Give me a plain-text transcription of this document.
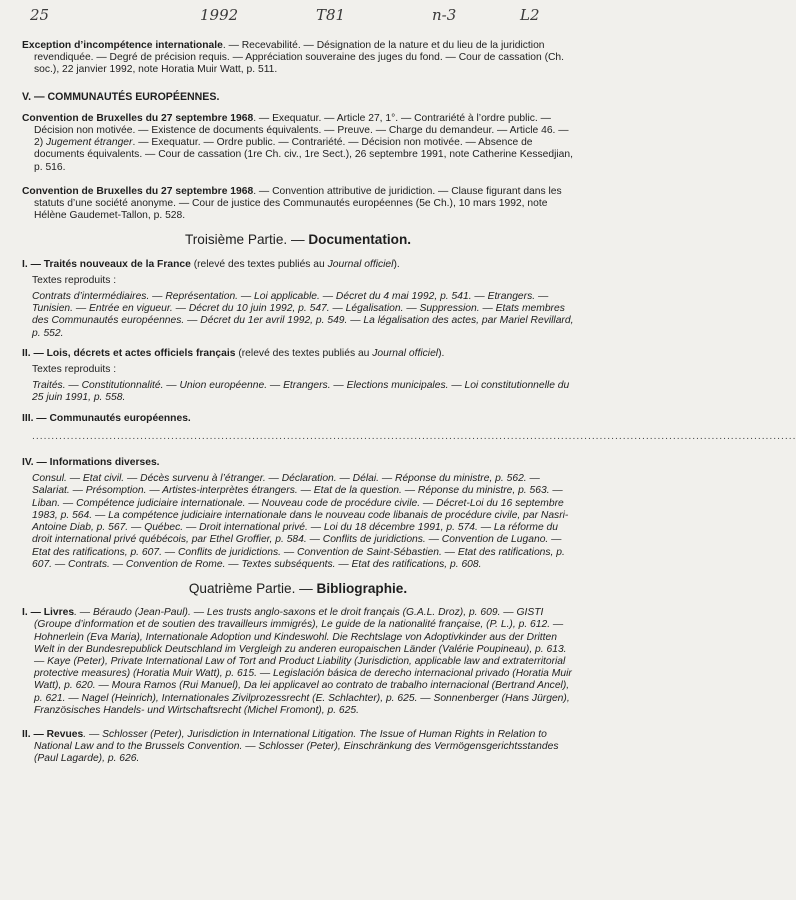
25	1992	T81	n-3	L2

Exception d’incompétence internationale. — Recevabilité. — Désignation de la nature et du lieu de la juridiction revendiquée. — Degré de précision requis. — Appréciation souveraine des juges du fond. — Cour de cassation (Ch. soc.), 22 janvier 1992, note Horatia Muir Watt, p. 511.

V. — COMMUNAUTÉS EUROPÉENNES.

Convention de Bruxelles du 27 septembre 1968. — Exequatur. — Article 27, 1°. — Contrariété à l’ordre public. — Décision non motivée. — Existence de documents équivalents. — Preuve. — Charge du demandeur. — Article 46. — 2) Jugement étranger. — Exequatur. — Ordre public. — Contrariété. — Décision non motivée. — Absence de documents équivalents. — Cour de cassation (1re Ch. civ., 1re Sect.), 26 septembre 1991, note Catherine Kessedjian, p. 516.

Convention de Bruxelles du 27 septembre 1968. — Convention attributive de juridiction. — Clause figurant dans les statuts d’une société anonyme. — Cour de justice des Communautés européennes (5e Ch.), 10 mars 1992, note Hélène Gaudemet-Tallon, p. 528.

Troisième Partie. — Documentation.

I. — Traités nouveaux de la France (relevé des textes publiés au Journal officiel).

Textes reproduits :

Contrats d’intermédiaires. — Représentation. — Loi applicable. — Décret du 4 mai 1992, p. 541. — Etrangers. — Tunisien. — Entrée en vigueur. — Décret du 10 juin 1992, p. 547. — Légalisation. — Suppression. — Etats membres des Communautés européennes. — Décret du 1er avril 1992, p. 549. — La légalisation des actes, par Mariel Revillard, p. 552.

II. — Lois, décrets et actes officiels français (relevé des textes publiés au Journal officiel).

Textes reproduits :

Traités. — Constitutionnalité. — Union européenne. — Etrangers. — Elections municipales. — Loi constitutionnelle du 25 juin 1991, p. 558.

III. — Communautés européennes.

......................................................................................................................................................................................................

IV. — Informations diverses.

Consul. — Etat civil. — Décès survenu à l’étranger. — Déclaration. — Délai. — Réponse du ministre, p. 562. — Salariat. — Présomption. — Artistes-interprètes étrangers. — Etat de la question. — Réponse du ministre, p. 563. — Liban. — Compétence judiciaire internationale. — Nouveau code de procédure civile. — Décret-Loi du 16 septembre 1983, p. 564. — La compétence judiciaire internationale dans le nouveau code libanais de procédure civile, par Nasri-Antoine Diab, p. 567. — Québec. — Droit international privé. — Loi du 18 décembre 1991, p. 574. — La réforme du droit international privé québécois, par Ethel Groffier, p. 584. — Conflits de juridictions. — Convention de Lugano. — Etat des ratifications, p. 607. — Conflits de juridictions. — Convention de Saint-Sébastien. — Etat des ratifications, p. 607. — Contrats. — Convention de Rome. — Textes subséquents. — Etat des ratifications, p. 608.

Quatrième Partie. — Bibliographie.

I. — Livres. — Béraudo (Jean-Paul). — Les trusts anglo-saxons et le droit français (G.A.L. Droz), p. 609. — GISTI (Groupe d’information et de soutien des travailleurs immigrés), Le guide de la nationalité française, (P. L.), p. 612. — Hohnerlein (Eva Maria), Internationale Adoption und Kindeswohl. Die Rechtslage von Adoptivkinder aus der Dritten Welt in der Bundesrepublick Deutschland im Vergleigh zu anderen europaischen Länder (Valérie Poupineau), p. 613. — Kaye (Peter), Private International Law of Tort and Product Liability (Jurisdiction, applicable law and extraterritorial protective measures) (Horatia Muir Watt), p. 615. — Legislación básica de derecho internacional privado (Horatia Muir Watt), p. 620. — Moura Ramos (Rui Manuel), Da lei applicavel ao contrato de trabalho internacional (Bertrand Ancel), p. 621. — Nagel (Heinrich), Internationales Zivilprozessrecht (E. Schlachter), p. 625. — Sonnenberger (Hans Jürgen), Französisches Handels- und Wirtschaftsrecht (Michel Fromont), p. 625.

II. — Revues. — Schlosser (Peter), Jurisdiction in International Litigation. The Issue of Human Rights in Relation to National Law and to the Brussels Convention. — Schlosser (Peter), Einschränkung des Vermögensgerichtsstandes (Paul Lagarde), p. 626.
